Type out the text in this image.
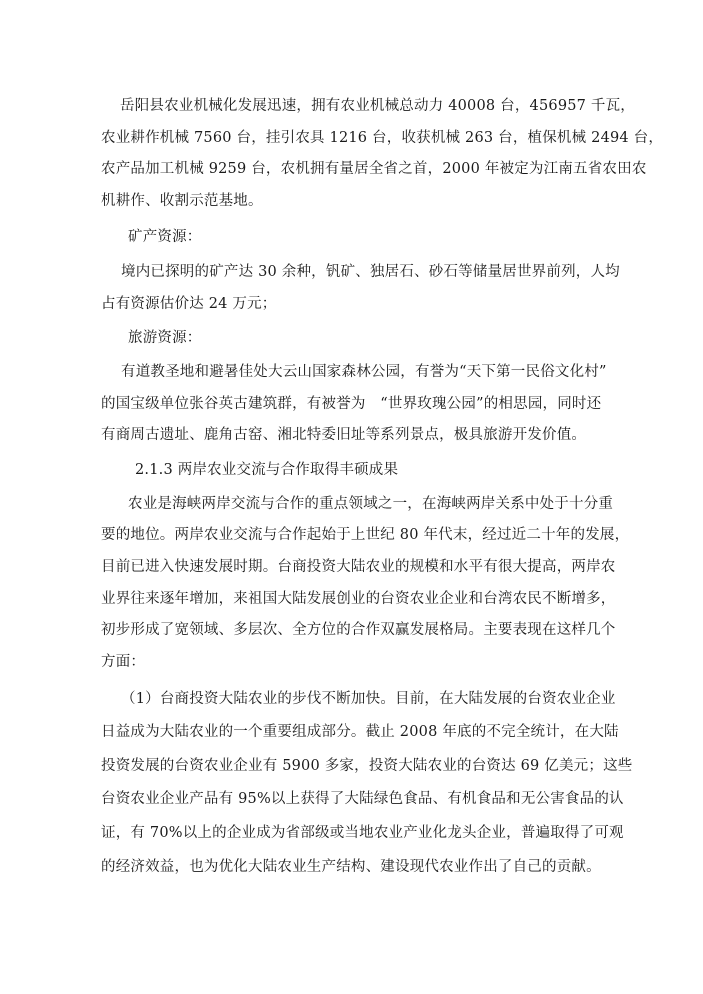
岳阳县农业机械化发展迅速，拥有农业机械总动力 40008 台，456957 千瓦，
农业耕作机械 7560 台，挂引农具 1216 台，收获机械 263 台，植保机械 2494 台，
农产品加工机械 9259 台，农机拥有量居全省之首，2000 年被定为江南五省农田农
机耕作、收割示范基地。
矿产资源：
境内已探明的矿产达 30 余种，钒矿、独居石、砂石等储量居世界前列，人均
占有资源估价达 24 万元；
旅游资源：
有道教圣地和避暑佳处大云山国家森林公园，有誉为“天下第一民俗文化村”
的国宝级单位张谷英古建筑群，有被誉为　“世界玫瑰公园”的相思园，同时还
有商周古遗址、鹿角古窑、湘北特委旧址等系列景点，极具旅游开发价值。
2.1.3 两岸农业交流与合作取得丰硕成果
农业是海峡两岸交流与合作的重点领域之一，在海峡两岸关系中处于十分重
要的地位。两岸农业交流与合作起始于上世纪 80 年代末，经过近二十年的发展，
目前已进入快速发展时期。台商投资大陆农业的规模和水平有很大提高，两岸农
业界往来逐年增加，来祖国大陆发展创业的台资农业企业和台湾农民不断增多，
初步形成了宽领域、多层次、全方位的合作双赢发展格局。主要表现在这样几个
方面：
（1）台商投资大陆农业的步伐不断加快。目前，在大陆发展的台资农业企业
日益成为大陆农业的一个重要组成部分。截止 2008 年底的不完全统计，在大陆
投资发展的台资农业企业有 5900 多家，投资大陆农业的台资达 69 亿美元；这些
台资农业企业产品有 95%以上获得了大陆绿色食品、有机食品和无公害食品的认
证，有 70%以上的企业成为省部级或当地农业产业化龙头企业，普遍取得了可观
的经济效益，也为优化大陆农业生产结构、建设现代农业作出了自己的贡献。
